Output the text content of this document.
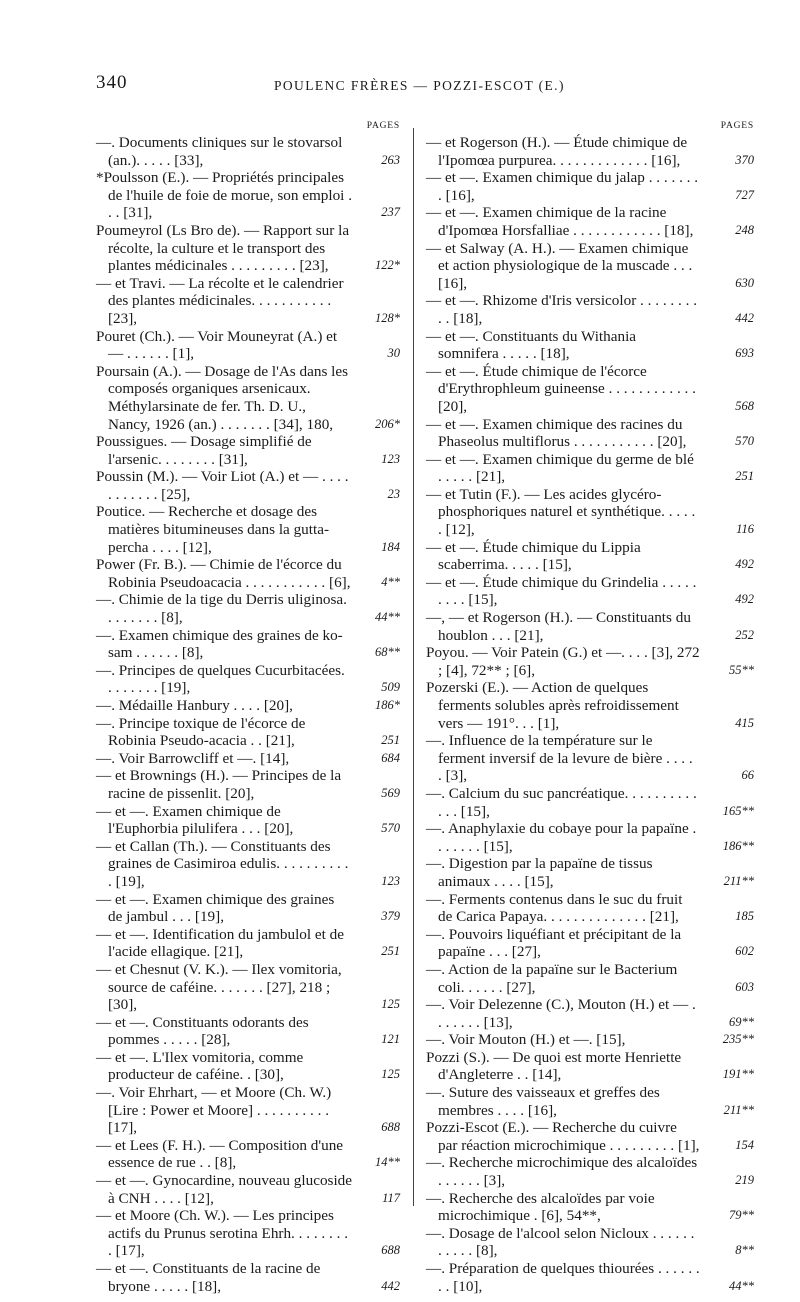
340	POULENC FRÈRES — POZZI-ESCOT (E.)
PAGES
—. Documents cliniques sur le stovarsol (an.). . . . . [33],	263
*Poulsson (E.). — Propriétés principales de l'huile de foie de morue, son emploi . . . [31],	237
Poumeyrol (Ls Bro de). — Rapport sur la récolte, la culture et le transport des plantes médicinales . . . . . . . . . [23],	122*
— et Travi. — La récolte et le calendrier des plantes médicinales. . . . . . . . . . . [23],	128*
Pouret (Ch.). — Voir Mouneyrat (A.) et — . . . . . . [1],	30
Poursain (A.). — Dosage de l'As dans les composés organiques arsenicaux. Méthylarsinate de fer. Th. D. U., Nancy, 1926 (an.) . . . . . . . [34], 180,	206*
Poussigues. — Dosage simplifié de l'arsenic. . . . . . . . [31],	123
Poussin (M.). — Voir Liot (A.) et — . . . . . . . . . . . [25],	23
Poutice. — Recherche et dosage des matières bitumineuses dans la gutta-percha . . . . [12],	184
Power (Fr. B.). — Chimie de l'écorce du Robinia Pseudoacacia . . . . . . . . . . . [6],	4**
—. Chimie de la tige du Derris uliginosa. . . . . . . . [8],	44**
—. Examen chimique des graines de ko-sam . . . . . . [8],	68**
—. Principes de quelques Cucurbitacées. . . . . . . . [19],	509
—. Médaille Hanbury . . . . [20],	186*
—. Principe toxique de l'écorce de Robinia Pseudo-acacia . . [21],	251
—. Voir Barrowcliff et —. [14],	684
— et Brownings (H.). — Principes de la racine de pissenlit. [20],	569
— et —. Examen chimique de l'Euphorbia pilulifera . . . [20],	570
— et Callan (Th.). — Constituants des graines de Casimiroa edulis. . . . . . . . . . . [19],	123
— et —. Examen chimique des graines de jambul . . . [19],	379
— et —. Identification du jambulol et de l'acide ellagique. [21],	251
— et Chesnut (V. K.). — Ilex vomitoria, source de caféine. . . . . . . [27], 218 ; [30],	125
— et —. Constituants odorants des pommes . . . . . [28],	121
— et —. L'Ilex vomitoria, comme producteur de caféine. . [30],	125
—. Voir Ehrhart, — et Moore (Ch. W.) [Lire : Power et Moore] . . . . . . . . . . [17],	688
— et Lees (F. H.). — Composition d'une essence de rue . . [8],	14**
— et —. Gynocardine, nouveau glucoside à CNH . . . . [12],	117
— et Moore (Ch. W.). — Les principes actifs du Prunus serotina Ehrh. . . . . . . . . [17],	688
— et —. Constituants de la racine de bryone . . . . . [18],	442
PAGES
— et Rogerson (H.). — Étude chimique de l'Ipomœa purpurea. . . . . . . . . . . . . [16],	370
— et —. Examen chimique du jalap . . . . . . . . [16],	727
— et —. Examen chimique de la racine d'Ipomœa Horsfalliae . . . . . . . . . . . . [18],	248
— et Salway (A. H.). — Examen chimique et action physiologique de la muscade . . . [16],	630
— et —. Rhizome d'Iris versicolor . . . . . . . . . . [18],	442
— et —. Constituants du Withania somnifera . . . . . [18],	693
— et —. Étude chimique de l'écorce d'Erythrophleum guineense . . . . . . . . . . . . [20],	568
— et —. Examen chimique des racines du Phaseolus multiflorus . . . . . . . . . . . [20],	570
— et —. Examen chimique du germe de blé . . . . . [21],	251
— et Tutin (F.). — Les acides glycéro-phosphoriques naturel et synthétique. . . . . . [12],	116
— et —. Étude chimique du Lippia scaberrima. . . . . [15],	492
— et —. Étude chimique du Grindelia . . . . . . . . . [15],	492
—, — et Rogerson (H.). — Constituants du houblon . . . [21],	252
Poyou. — Voir Patein (G.) et —. . . . [3], 272 ; [4], 72** ; [6],	55**
Pozerski (E.). — Action de quelques ferments solubles après refroidissement vers — 191°. . . [1],	415
—. Influence de la température sur le ferment inversif de la levure de bière . . . . . [3],	66
—. Calcium du suc pancréatique. . . . . . . . . . . . . [15],	165**
—. Anaphylaxie du cobaye pour la papaïne . . . . . . . [15],	186**
—. Digestion par la papaïne de tissus animaux . . . . [15],	211**
—. Ferments contenus dans le suc du fruit de Carica Papaya. . . . . . . . . . . . . . [21],	185
—. Pouvoirs liquéfiant et précipitant de la papaïne . . . [27],	602
—. Action de la papaïne sur le Bacterium coli. . . . . . [27],	603
—. Voir Delezenne (C.), Mouton (H.) et — . . . . . . . [13],	69**
—. Voir Mouton (H.) et —. [15],	235**
Pozzi (S.). — De quoi est morte Henriette d'Angleterre . . [14],	191**
—. Suture des vaisseaux et greffes des membres . . . . [16],	211**
Pozzi-Escot (E.). — Recherche du cuivre par réaction microchimique . . . . . . . . . [1],	154
—. Recherche microchimique des alcaloïdes . . . . . . [3],	219
—. Recherche des alcaloïdes par voie microchimique . [6], 54**,	79**
—. Dosage de l'alcool selon Nicloux . . . . . . . . . . . [8],	8**
—. Préparation de quelques thiourées . . . . . . . . [10],	44**
